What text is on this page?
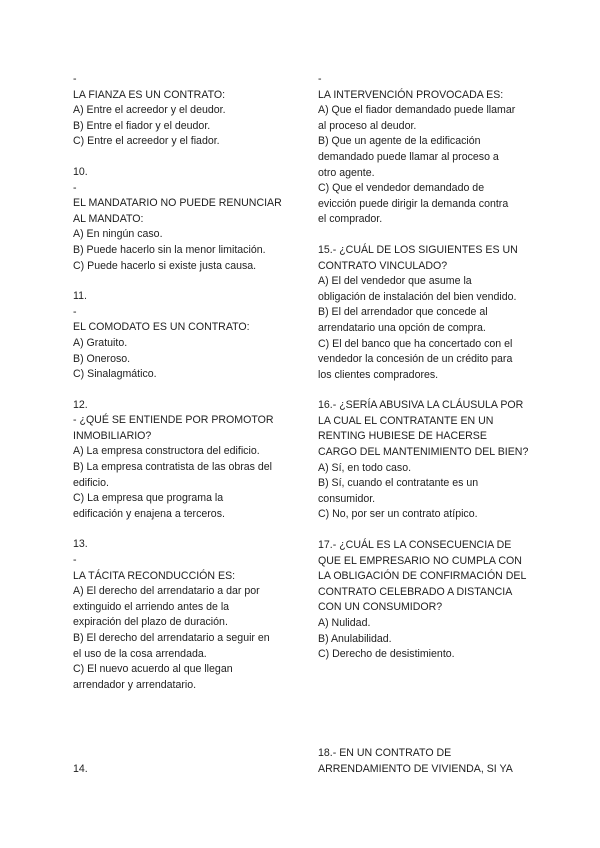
-
LA FIANZA ES UN CONTRATO:
A) Entre el acreedor y el deudor.
B) Entre el fiador y el deudor.
C) Entre el acreedor y el fiador.
10.
-
EL MANDATARIO NO PUEDE RENUNCIAR
AL MANDATO:
A) En ningún caso.
B) Puede hacerlo sin la menor limitación.
C) Puede hacerlo si existe justa causa.
11.
-
EL COMODATO ES UN CONTRATO:
A) Gratuito.
B) Oneroso.
C) Sinalagmático.
12.
- ¿QUÉ SE ENTIENDE POR PROMOTOR
INMOBILIARIO?
A) La empresa constructora del edificio.
B) La empresa contratista de las obras del
edificio.
C) La empresa que programa la
edificación y enajena a terceros.
13.
-
LA TÁCITA RECONDUCCIÓN ES:
A) El derecho del arrendatario a dar por
extinguido el arriendo antes de la
expiración del plazo de duración.
B) El derecho del arrendatario a seguir en
el uso de la cosa arrendada.
C) El nuevo acuerdo al que llegan
arrendador y arrendatario.
-
LA INTERVENCIÓN PROVOCADA ES:
A) Que el fiador demandado puede llamar
al proceso al deudor.
B) Que un agente de la edificación
demandado puede llamar al proceso a
otro agente.
C) Que el vendedor demandado de
evicción puede dirigir la demanda contra
el comprador.
15.- ¿CUÁL DE LOS SIGUIENTES ES UN
CONTRATO VINCULADO?
A) El del vendedor que asume la
obligación de instalación del bien vendido.
B) El del arrendador que concede al
arrendatario una opción de compra.
C) El del banco que ha concertado con el
vendedor la concesión de un crédito para
los clientes compradores.
16.- ¿SERÍA ABUSIVA LA CLÁUSULA POR
LA CUAL EL CONTRATANTE EN UN
RENTING HUBIESE DE HACERSE
CARGO DEL MANTENIMIENTO DEL BIEN?
A) Sí, en todo caso.
B) Sí, cuando el contratante es un
consumidor.
C) No, por ser un contrato atípico.
17.- ¿CUÁL ES LA CONSECUENCIA DE
QUE EL EMPRESARIO NO CUMPLA CON
LA OBLIGACIÓN DE CONFIRMACIÓN DEL
CONTRATO CELEBRADO A DISTANCIA
CON UN CONSUMIDOR?
A) Nulidad.
B) Anulabilidad.
C) Derecho de desistimiento.
14.
18.- EN UN CONTRATO DE
ARRENDAMIENTO DE VIVIENDA, SI YA
